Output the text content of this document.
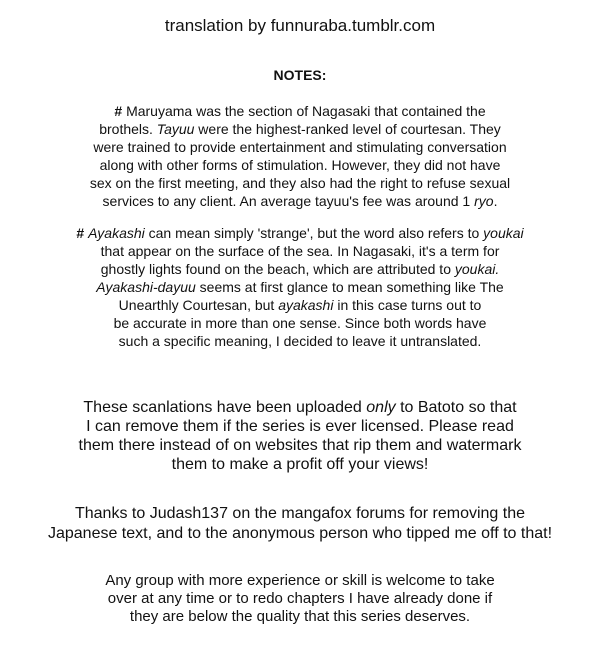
translation by funnuraba.tumblr.com
NOTES:

# Maruyama was the section of Nagasaki that contained the
brothels. Tayuu were the highest-ranked level of courtesan. They
were trained to provide entertainment and stimulating conversation
along with other forms of stimulation. However, they did not have
sex on the first meeting, and they also had the right to refuse sexual
services to any client. An average tayuu's fee was around 1 ryo.

# Ayakashi can mean simply 'strange', but the word also refers to youkai
that appear on the surface of the sea. In Nagasaki, it's a term for
ghostly lights found on the beach, which are attributed to youkai.
Ayakashi-dayuu seems at first glance to mean something like The
Unearthly Courtesan, but ayakashi in this case turns out to
be accurate in more than one sense. Since both words have
such a specific meaning, I decided to leave it untranslated.

These scanlations have been uploaded only to Batoto so that
I can remove them if the series is ever licensed. Please read
them there instead of on websites that rip them and watermark
them to make a profit off your views!

Thanks to Judash137 on the mangafox forums for removing the
Japanese text, and to the anonymous person who tipped me off to that!

Any group with more experience or skill is welcome to take
over at any time or to redo chapters I have already done if
they are below the quality that this series deserves.
